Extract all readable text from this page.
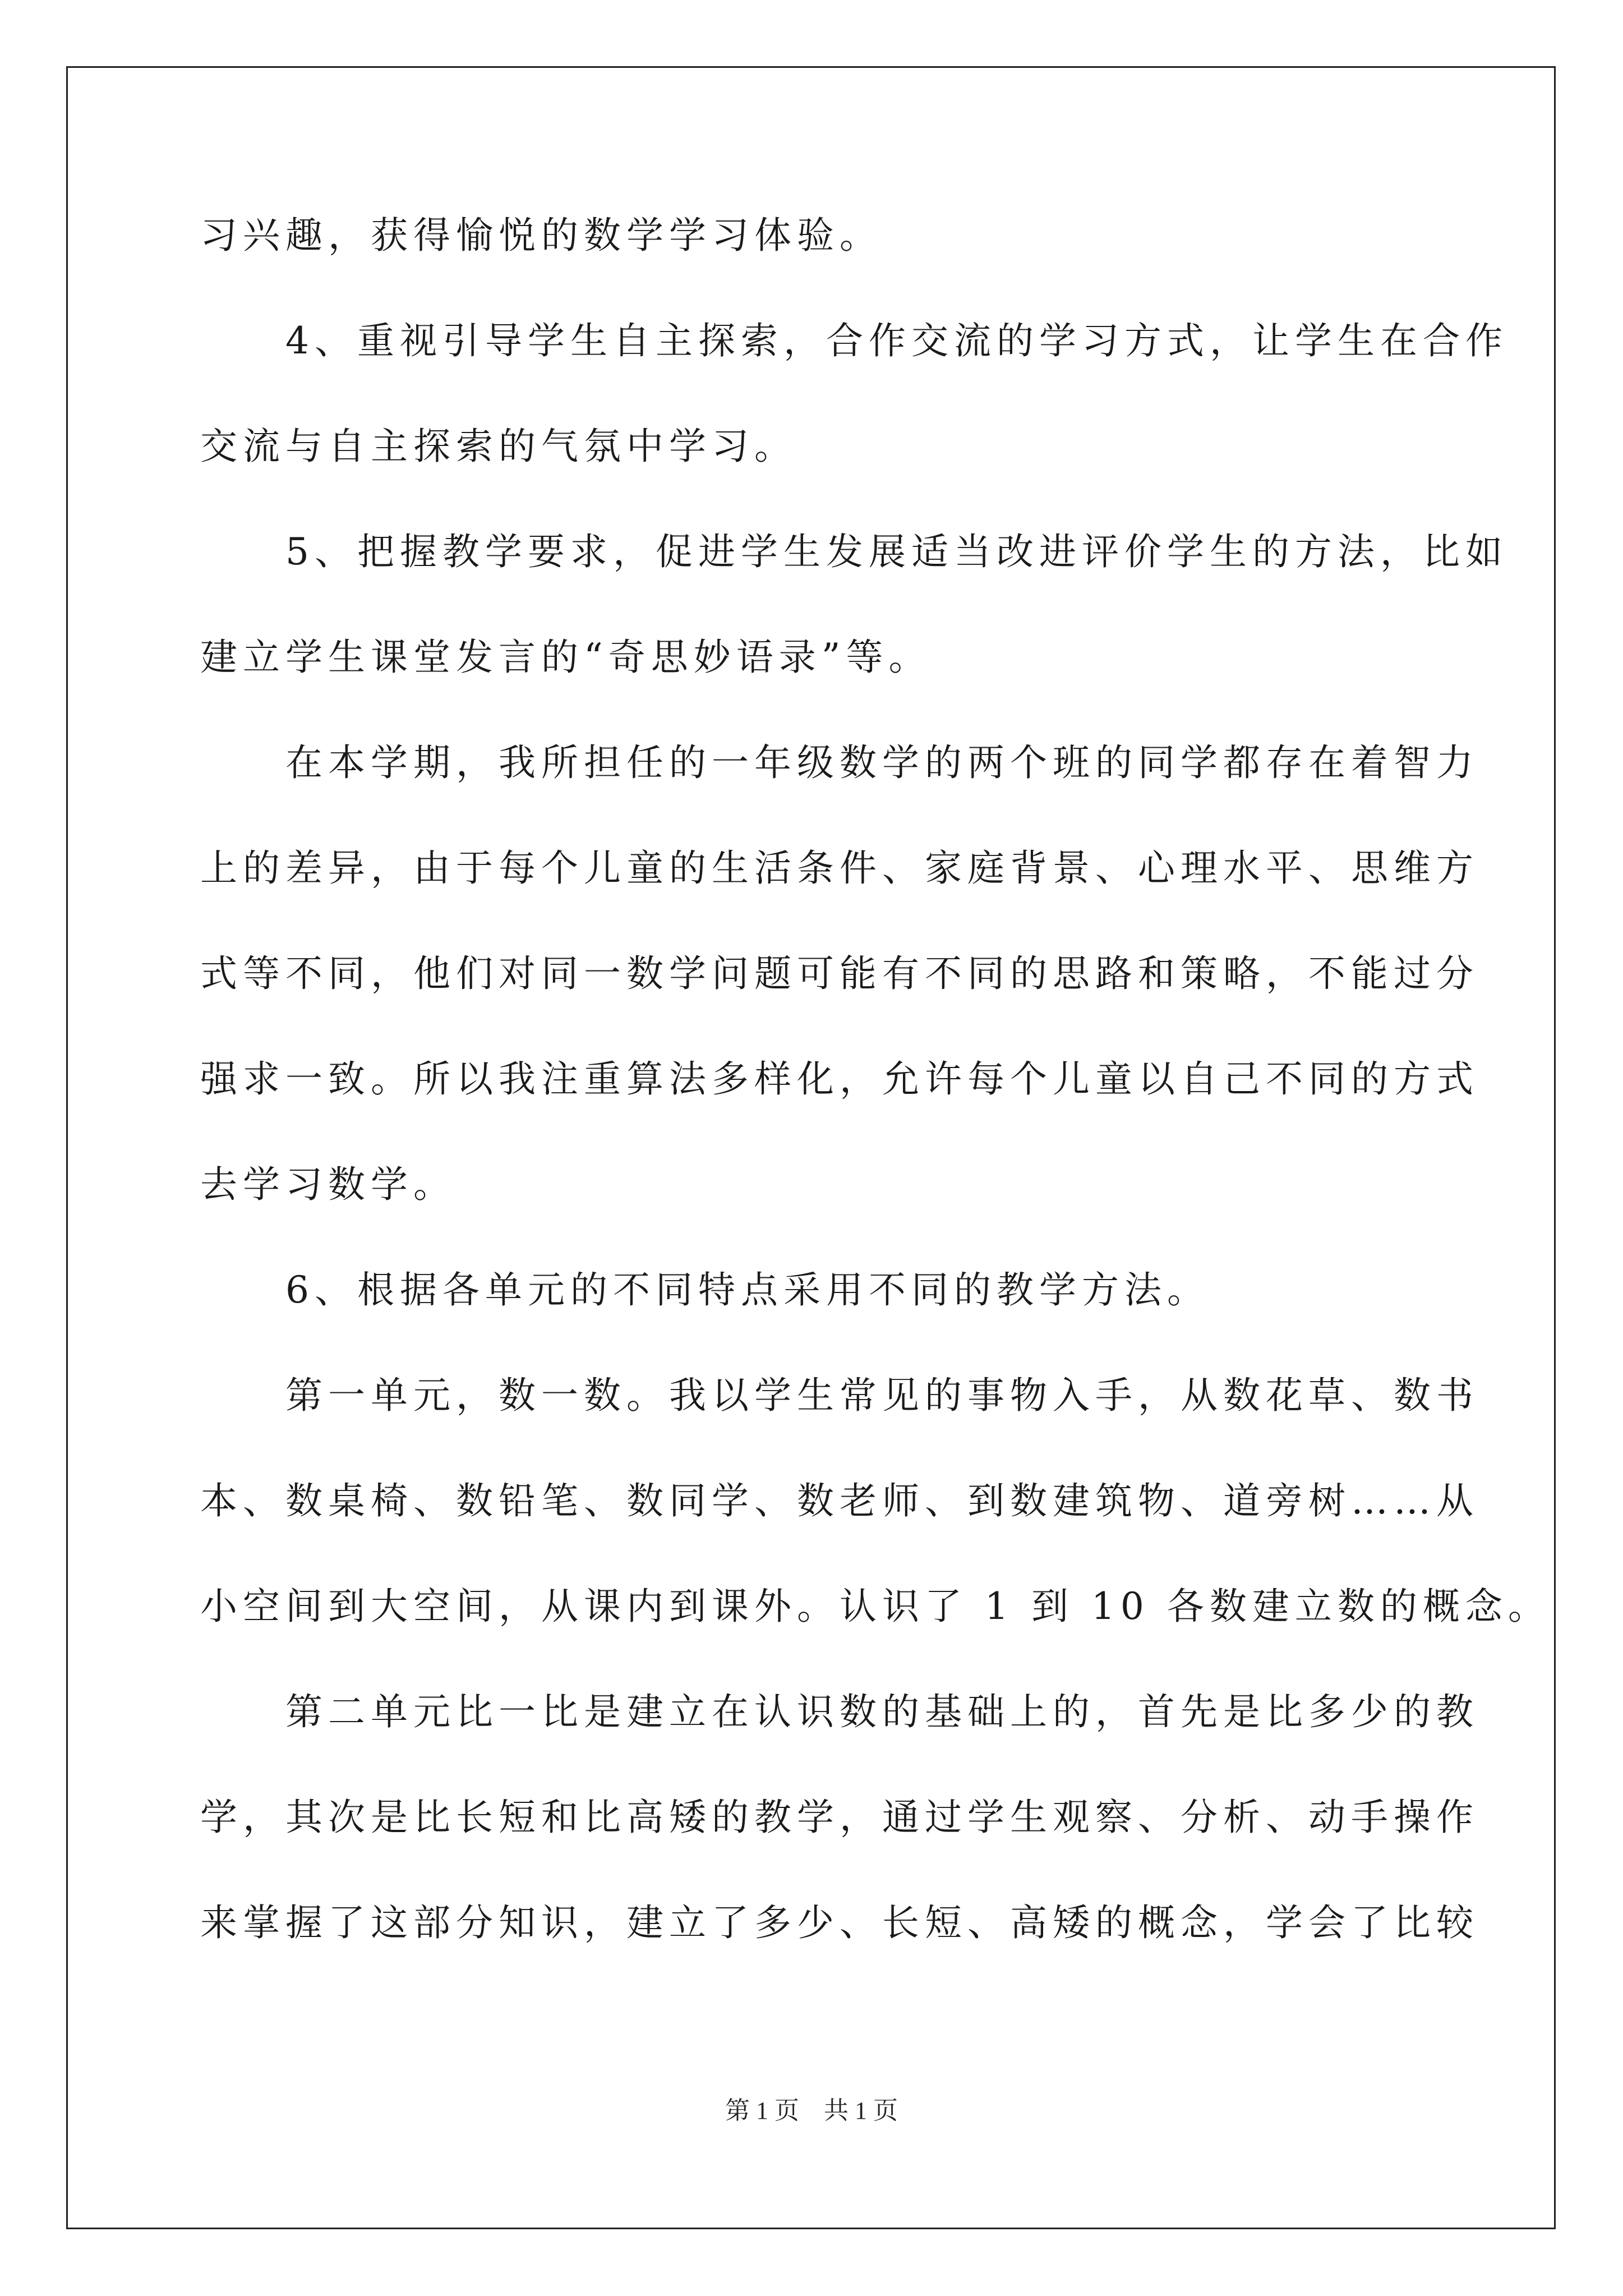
习兴趣，获得愉悦的数学学习体验。
　　4、重视引导学生自主探索，合作交流的学习方式，让学生在合作
交流与自主探索的气氛中学习。
　　5、把握教学要求，促进学生发展适当改进评价学生的方法，比如
建立学生课堂发言的“奇思妙语录”等。
　　在本学期，我所担任的一年级数学的两个班的同学都存在着智力
上的差异，由于每个儿童的生活条件、家庭背景、心理水平、思维方
式等不同，他们对同一数学问题可能有不同的思路和策略，不能过分
强求一致。所以我注重算法多样化，允许每个儿童以自己不同的方式
去学习数学。
　　6、根据各单元的不同特点采用不同的教学方法。
　　第一单元，数一数。我以学生常见的事物入手，从数花草、数书
本、数桌椅、数铅笔、数同学、数老师、到数建筑物、道旁树……从
小空间到大空间，从课内到课外。认识了 1 到 10 各数建立数的概念。
　　第二单元比一比是建立在认识数的基础上的，首先是比多少的教
学，其次是比长短和比高矮的教学，通过学生观察、分析、动手操作
来掌握了这部分知识，建立了多少、长短、高矮的概念，学会了比较
第 1 页　共 1 页
